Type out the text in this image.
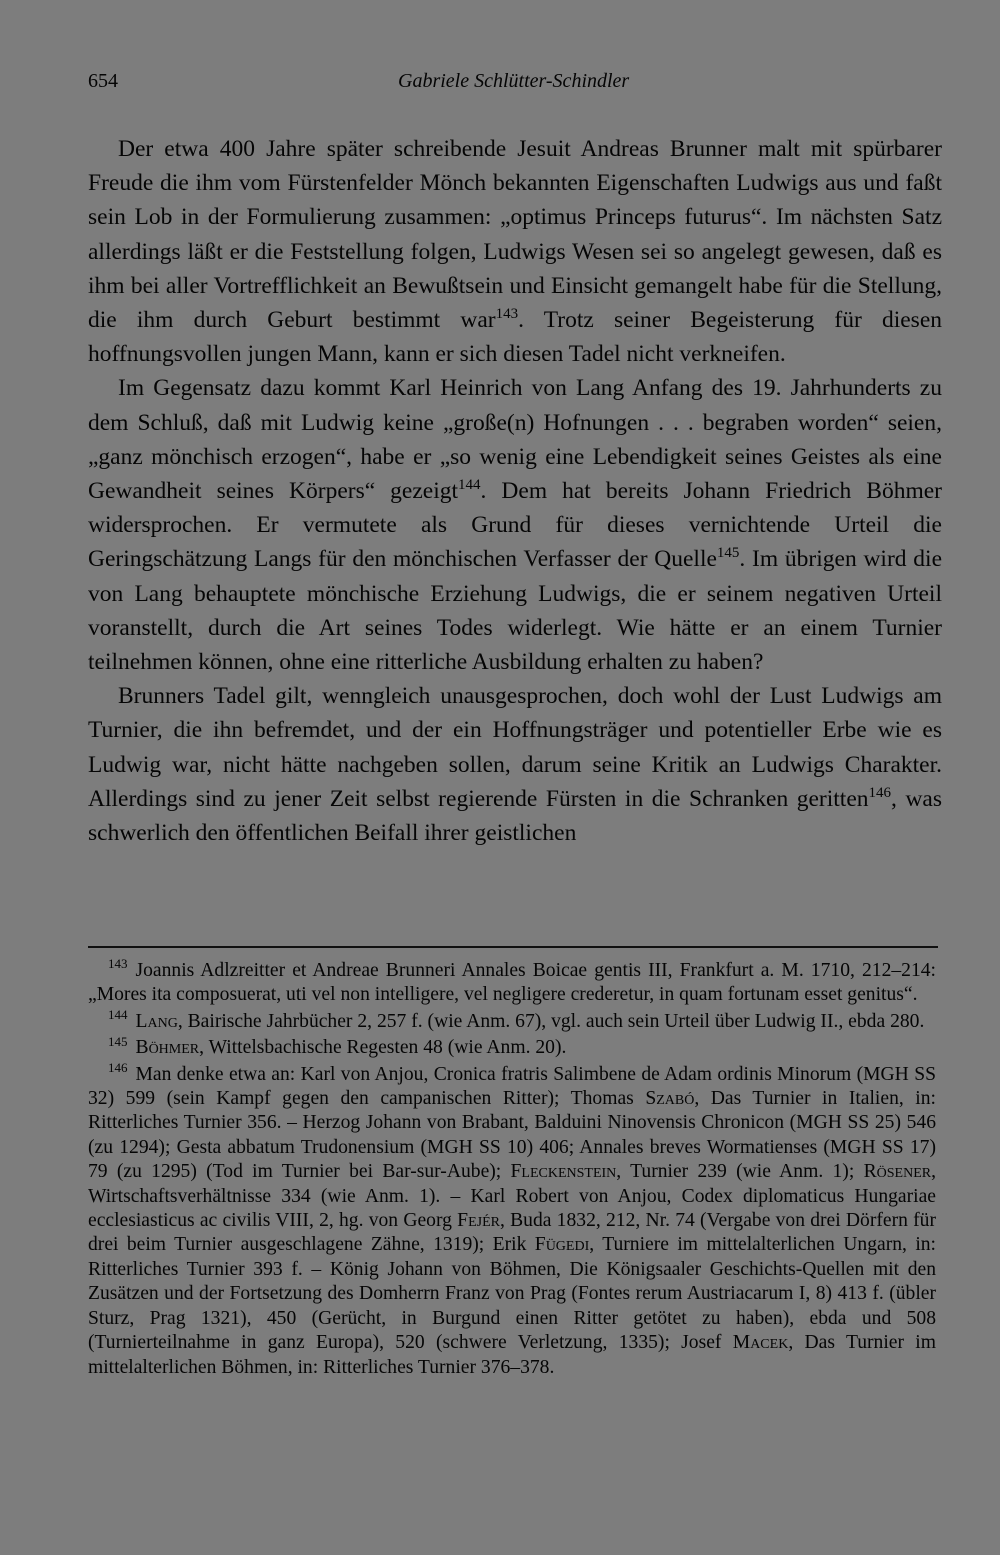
654	Gabriele Schlütter-Schindler

Der etwa 400 Jahre später schreibende Jesuit Andreas Brunner malt mit spürbarer Freude die ihm vom Fürstenfelder Mönch bekannten Eigenschaften Ludwigs aus und faßt sein Lob in der Formulierung zusammen: „optimus Princeps futurus“. Im nächsten Satz allerdings läßt er die Feststellung folgen, Ludwigs Wesen sei so angelegt gewesen, daß es ihm bei aller Vortrefflichkeit an Bewußtsein und Einsicht gemangelt habe für die Stellung, die ihm durch Geburt bestimmt war$^{143}$. Trotz seiner Begeisterung für diesen hoffnungsvollen jungen Mann, kann er sich diesen Tadel nicht verkneifen.

Im Gegensatz dazu kommt Karl Heinrich von Lang Anfang des 19. Jahrhunderts zu dem Schluß, daß mit Ludwig keine „große(n) Hofnungen . . . begraben worden“ seien, „ganz mönchisch erzogen“, habe er „so wenig eine Lebendigkeit seines Geistes als eine Gewandheit seines Körpers“ gezeigt$^{144}$. Dem hat bereits Johann Friedrich Böhmer widersprochen. Er vermutete als Grund für dieses vernichtende Urteil die Geringschätzung Langs für den mönchischen Verfasser der Quelle$^{145}$. Im übrigen wird die von Lang behauptete mönchische Erziehung Ludwigs, die er seinem negativen Urteil voranstellt, durch die Art seines Todes widerlegt. Wie hätte er an einem Turnier teilnehmen können, ohne eine ritterliche Ausbildung erhalten zu haben?

Brunners Tadel gilt, wenngleich unausgesprochen, doch wohl der Lust Ludwigs am Turnier, die ihn befremdet, und der ein Hoffnungsträger und potentieller Erbe wie es Ludwig war, nicht hätte nachgeben sollen, darum seine Kritik an Ludwigs Charakter. Allerdings sind zu jener Zeit selbst regierende Fürsten in die Schranken geritten$^{146}$, was schwerlich den öffentlichen Beifall ihrer geistlichen

$^{143}$ Joannis Adlzreitter et Andreae Brunneri Annales Boicae gentis III, Frankfurt a. M. 1710, 212–214: „Mores ita composuerat, uti vel non intelligere, vel negligere crederetur, in quam fortunam esset genitus“.

$^{144}$ Lang, Bairische Jahrbücher 2, 257 f. (wie Anm. 67), vgl. auch sein Urteil über Ludwig II., ebda 280.

$^{145}$ Böhmer, Wittelsbachische Regesten 48 (wie Anm. 20).

$^{146}$ Man denke etwa an: Karl von Anjou, Cronica fratris Salimbene de Adam ordinis Minorum (MGH SS 32) 599 (sein Kampf gegen den campanischen Ritter); Thomas Szabó, Das Turnier in Italien, in: Ritterliches Turnier 356. – Herzog Johann von Brabant, Balduini Ninovensis Chronicon (MGH SS 25) 546 (zu 1294); Gesta abbatum Trudonensium (MGH SS 10) 406; Annales breves Wormatienses (MGH SS 17) 79 (zu 1295) (Tod im Turnier bei Bar-sur-Aube); Fleckenstein, Turnier 239 (wie Anm. 1); Rösener, Wirtschaftsverhältnisse 334 (wie Anm. 1). – Karl Robert von Anjou, Codex diplomaticus Hungariae ecclesiasticus ac civilis VIII, 2, hg. von Georg Fejér, Buda 1832, 212, Nr. 74 (Vergabe von drei Dörfern für drei beim Turnier ausgeschlagene Zähne, 1319); Erik Fügedi, Turniere im mittelalterlichen Ungarn, in: Ritterliches Turnier 393 f. – König Johann von Böhmen, Die Königsaaler Geschichts-Quellen mit den Zusätzen und der Fortsetzung des Domherrn Franz von Prag (Fontes rerum Austriacarum I, 8) 413 f. (übler Sturz, Prag 1321), 450 (Gerücht, in Burgund einen Ritter getötet zu haben), ebda und 508 (Turnierteilnahme in ganz Europa), 520 (schwere Verletzung, 1335); Josef Macek, Das Turnier im mittelalterlichen Böhmen, in: Ritterliches Turnier 376–378.
